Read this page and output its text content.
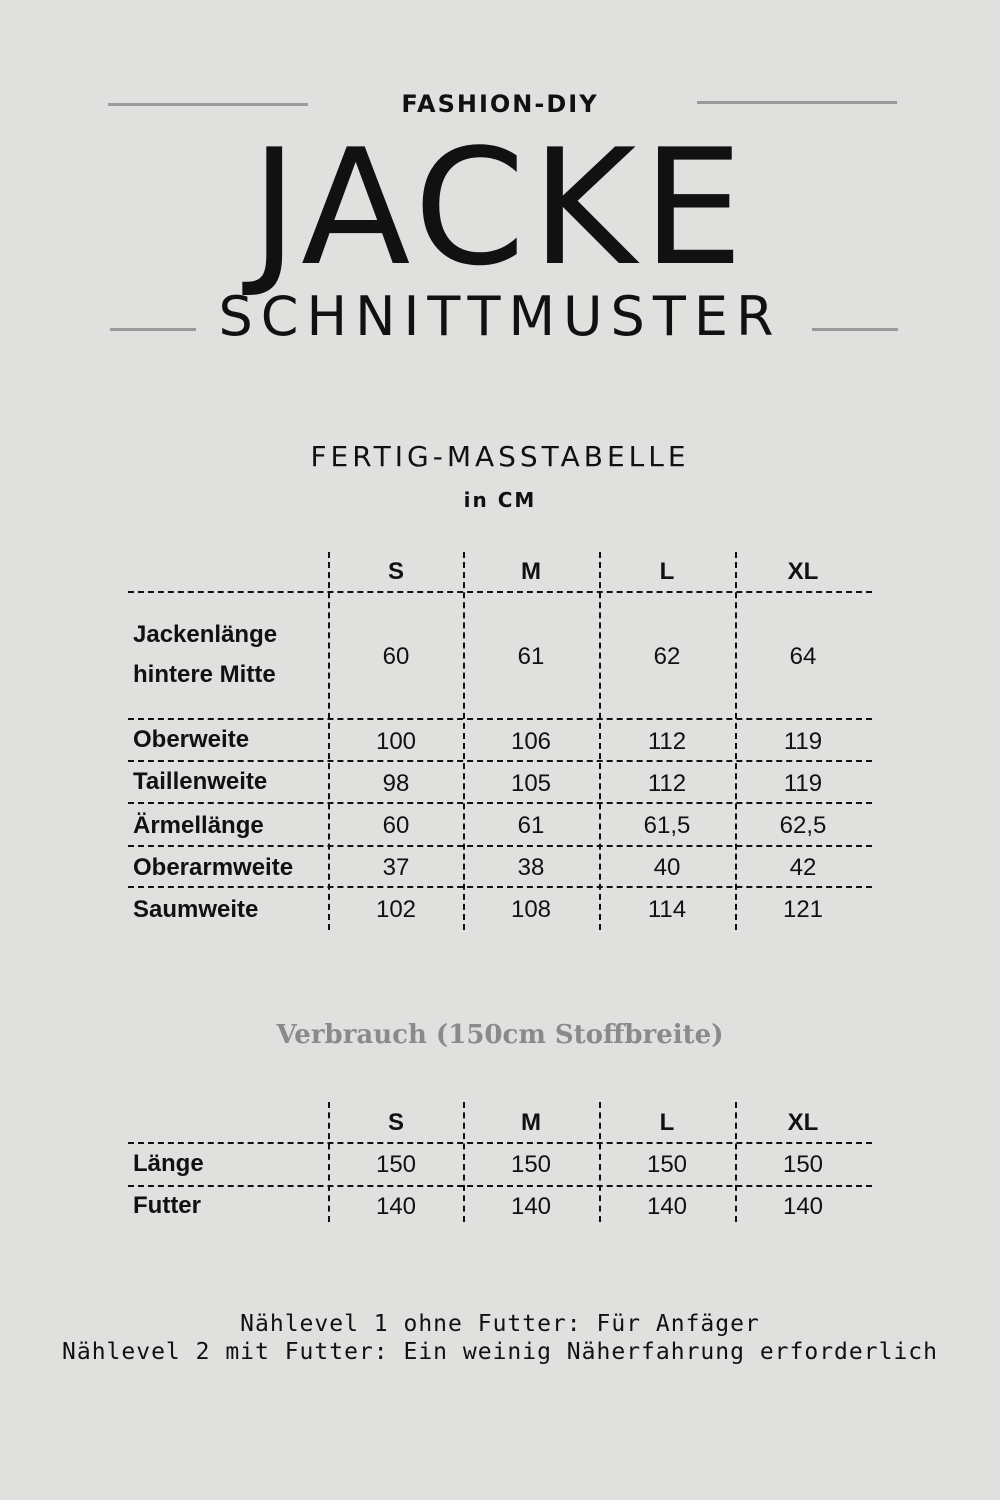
FASHION-DIY
JACKE
SCHNITTMUSTER
FERTIG-MASSTABELLE
in CM
S	M	L	XL
Jackenlänge
hintere Mitte
60	61	62	64
Oberweite	100	106	112	119
Taillenweite	98	105	112	119
Ärmellänge	60	61	61,5	62,5
Oberarmweite	37	38	40	42
Saumweite	102	108	114	121
Verbrauch (150cm Stoffbreite)
S	M	L	XL
Länge	150	150	150	150
Futter	140	140	140	140
Nählevel 1 ohne Futter: Für Anfäger
Nählevel 2 mit Futter: Ein weinig Näherfahrung erforderlich
